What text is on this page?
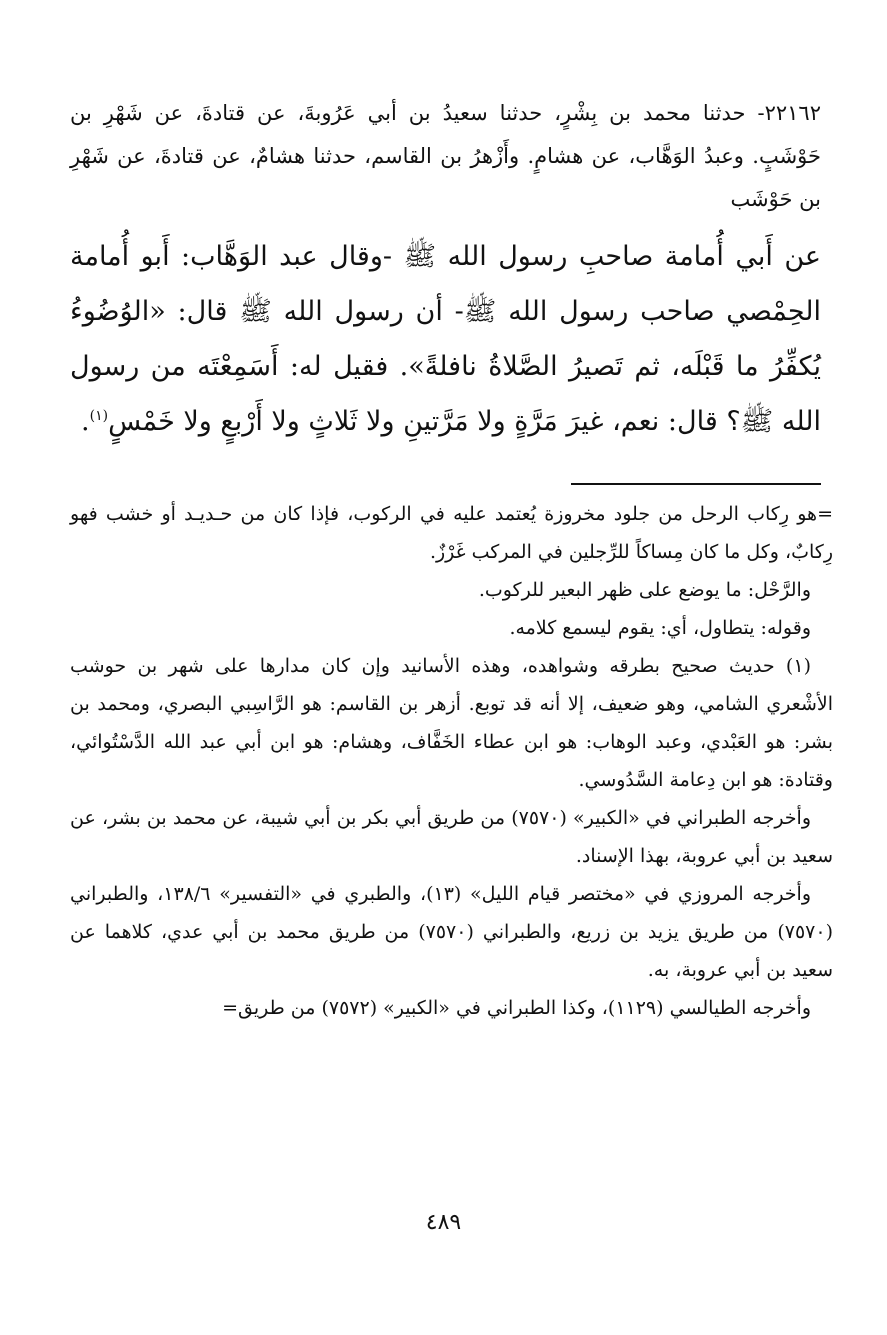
٢٢١٦٢- حدثنا محمد بن بِشْرٍ، حدثنا سعيدُ بن أبي عَرُوبةَ، عن قتادةَ، عن شَهْرِ بن حَوْشَبٍ. وعبدُ الوَهَّاب، عن هشامٍ. وأَزْهرُ بن القاسم، حدثنا هشامٌ، عن قتادةَ، عن شَهْرِ بن حَوْشَب

عن أَبي أُمامة صاحبِ رسول الله ﷺ -وقال عبد الوَهَّاب: أَبو أُمامة الحِمْصي صاحب رسول الله ﷺ- أن رسول الله ﷺ قال: «الوُضُوءُ يُكفِّرُ ما قَبْلَه، ثم تَصيرُ الصَّلاةُ نافلةً». فقيل له: أَسَمِعْتَه من رسول الله ﷺ؟ قال: نعم، غيرَ مَرَّةٍ ولا مَرَّتينِ ولا ثَلاثٍ ولا أَرْبعٍ ولا خَمْسٍ$^{(١)}$.

=هو رِكاب الرحل من جلود مخروزة يُعتمد عليه في الركوب، فإذا كان من حـديـد أو خشب فهو رِكابٌ، وكل ما كان مِساكاً للرِّجلين في المركب غَرْزٌ.

والرَّحْل: ما يوضع على ظهر البعير للركوب.

وقوله: يتطاول، أي: يقوم ليسمع كلامه.

(١) حديث صحيح بطرقه وشواهده، وهذه الأسانيد وإن كان مدارها على شهر بن حوشب الأشْعري الشامي، وهو ضعيف، إلا أنه قد توبع. أزهر بن القاسم: هو الرَّاسِبي البصري، ومحمد بن بشر: هو العَبْدي، وعبد الوهاب: هو ابن عطاء الخَفَّاف، وهشام: هو ابن أبي عبد الله الدَّسْتُوائي، وقتادة: هو ابن دِعامة السَّدُوسي.

وأخرجه الطبراني في «الكبير» (٧٥٧٠) من طريق أبي بكر بن أبي شيبة، عن محمد بن بشر، عن سعيد بن أبي عروبة، بهذا الإسناد.

وأخرجه المروزي في «مختصر قيام الليل» (١٣)، والطبري في «التفسير» ١٣٨/٦، والطبراني (٧٥٧٠) من طريق يزيد بن زريع، والطبراني (٧٥٧٠) من طريق محمد بن أبي عدي، كلاهما عن سعيد بن أبي عروبة، به.

وأخرجه الطيالسي (١١٢٩)، وكذا الطبراني في «الكبير» (٧٥٧٢) من طريق=

٤٨٩
